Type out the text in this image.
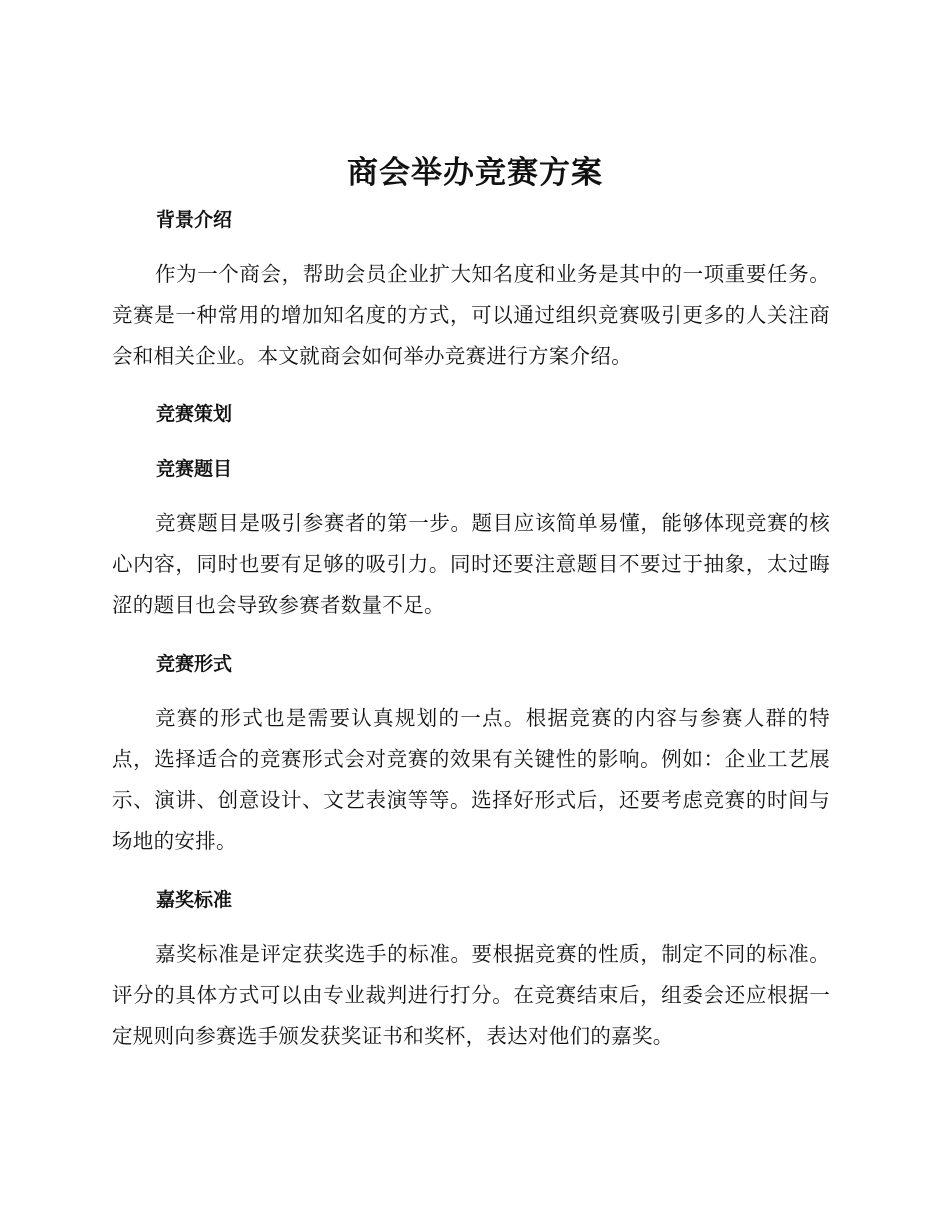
商会举办竞赛方案
背景介绍

作为一个商会，帮助会员企业扩大知名度和业务是其中的一项重要任务。竞赛是一种常用的增加知名度的方式，可以通过组织竞赛吸引更多的人关注商会和相关企业。本文就商会如何举办竞赛进行方案介绍。

竞赛策划
竞赛题目

竞赛题目是吸引参赛者的第一步。题目应该简单易懂，能够体现竞赛的核心内容，同时也要有足够的吸引力。同时还要注意题目不要过于抽象，太过晦涩的题目也会导致参赛者数量不足。

竞赛形式

竞赛的形式也是需要认真规划的一点。根据竞赛的内容与参赛人群的特点，选择适合的竞赛形式会对竞赛的效果有关键性的影响。例如：企业工艺展示、演讲、创意设计、文艺表演等等。选择好形式后，还要考虑竞赛的时间与场地的安排。

嘉奖标准

嘉奖标准是评定获奖选手的标准。要根据竞赛的性质，制定不同的标准。评分的具体方式可以由专业裁判进行打分。在竞赛结束后，组委会还应根据一定规则向参赛选手颁发获奖证书和奖杯，表达对他们的嘉奖。
